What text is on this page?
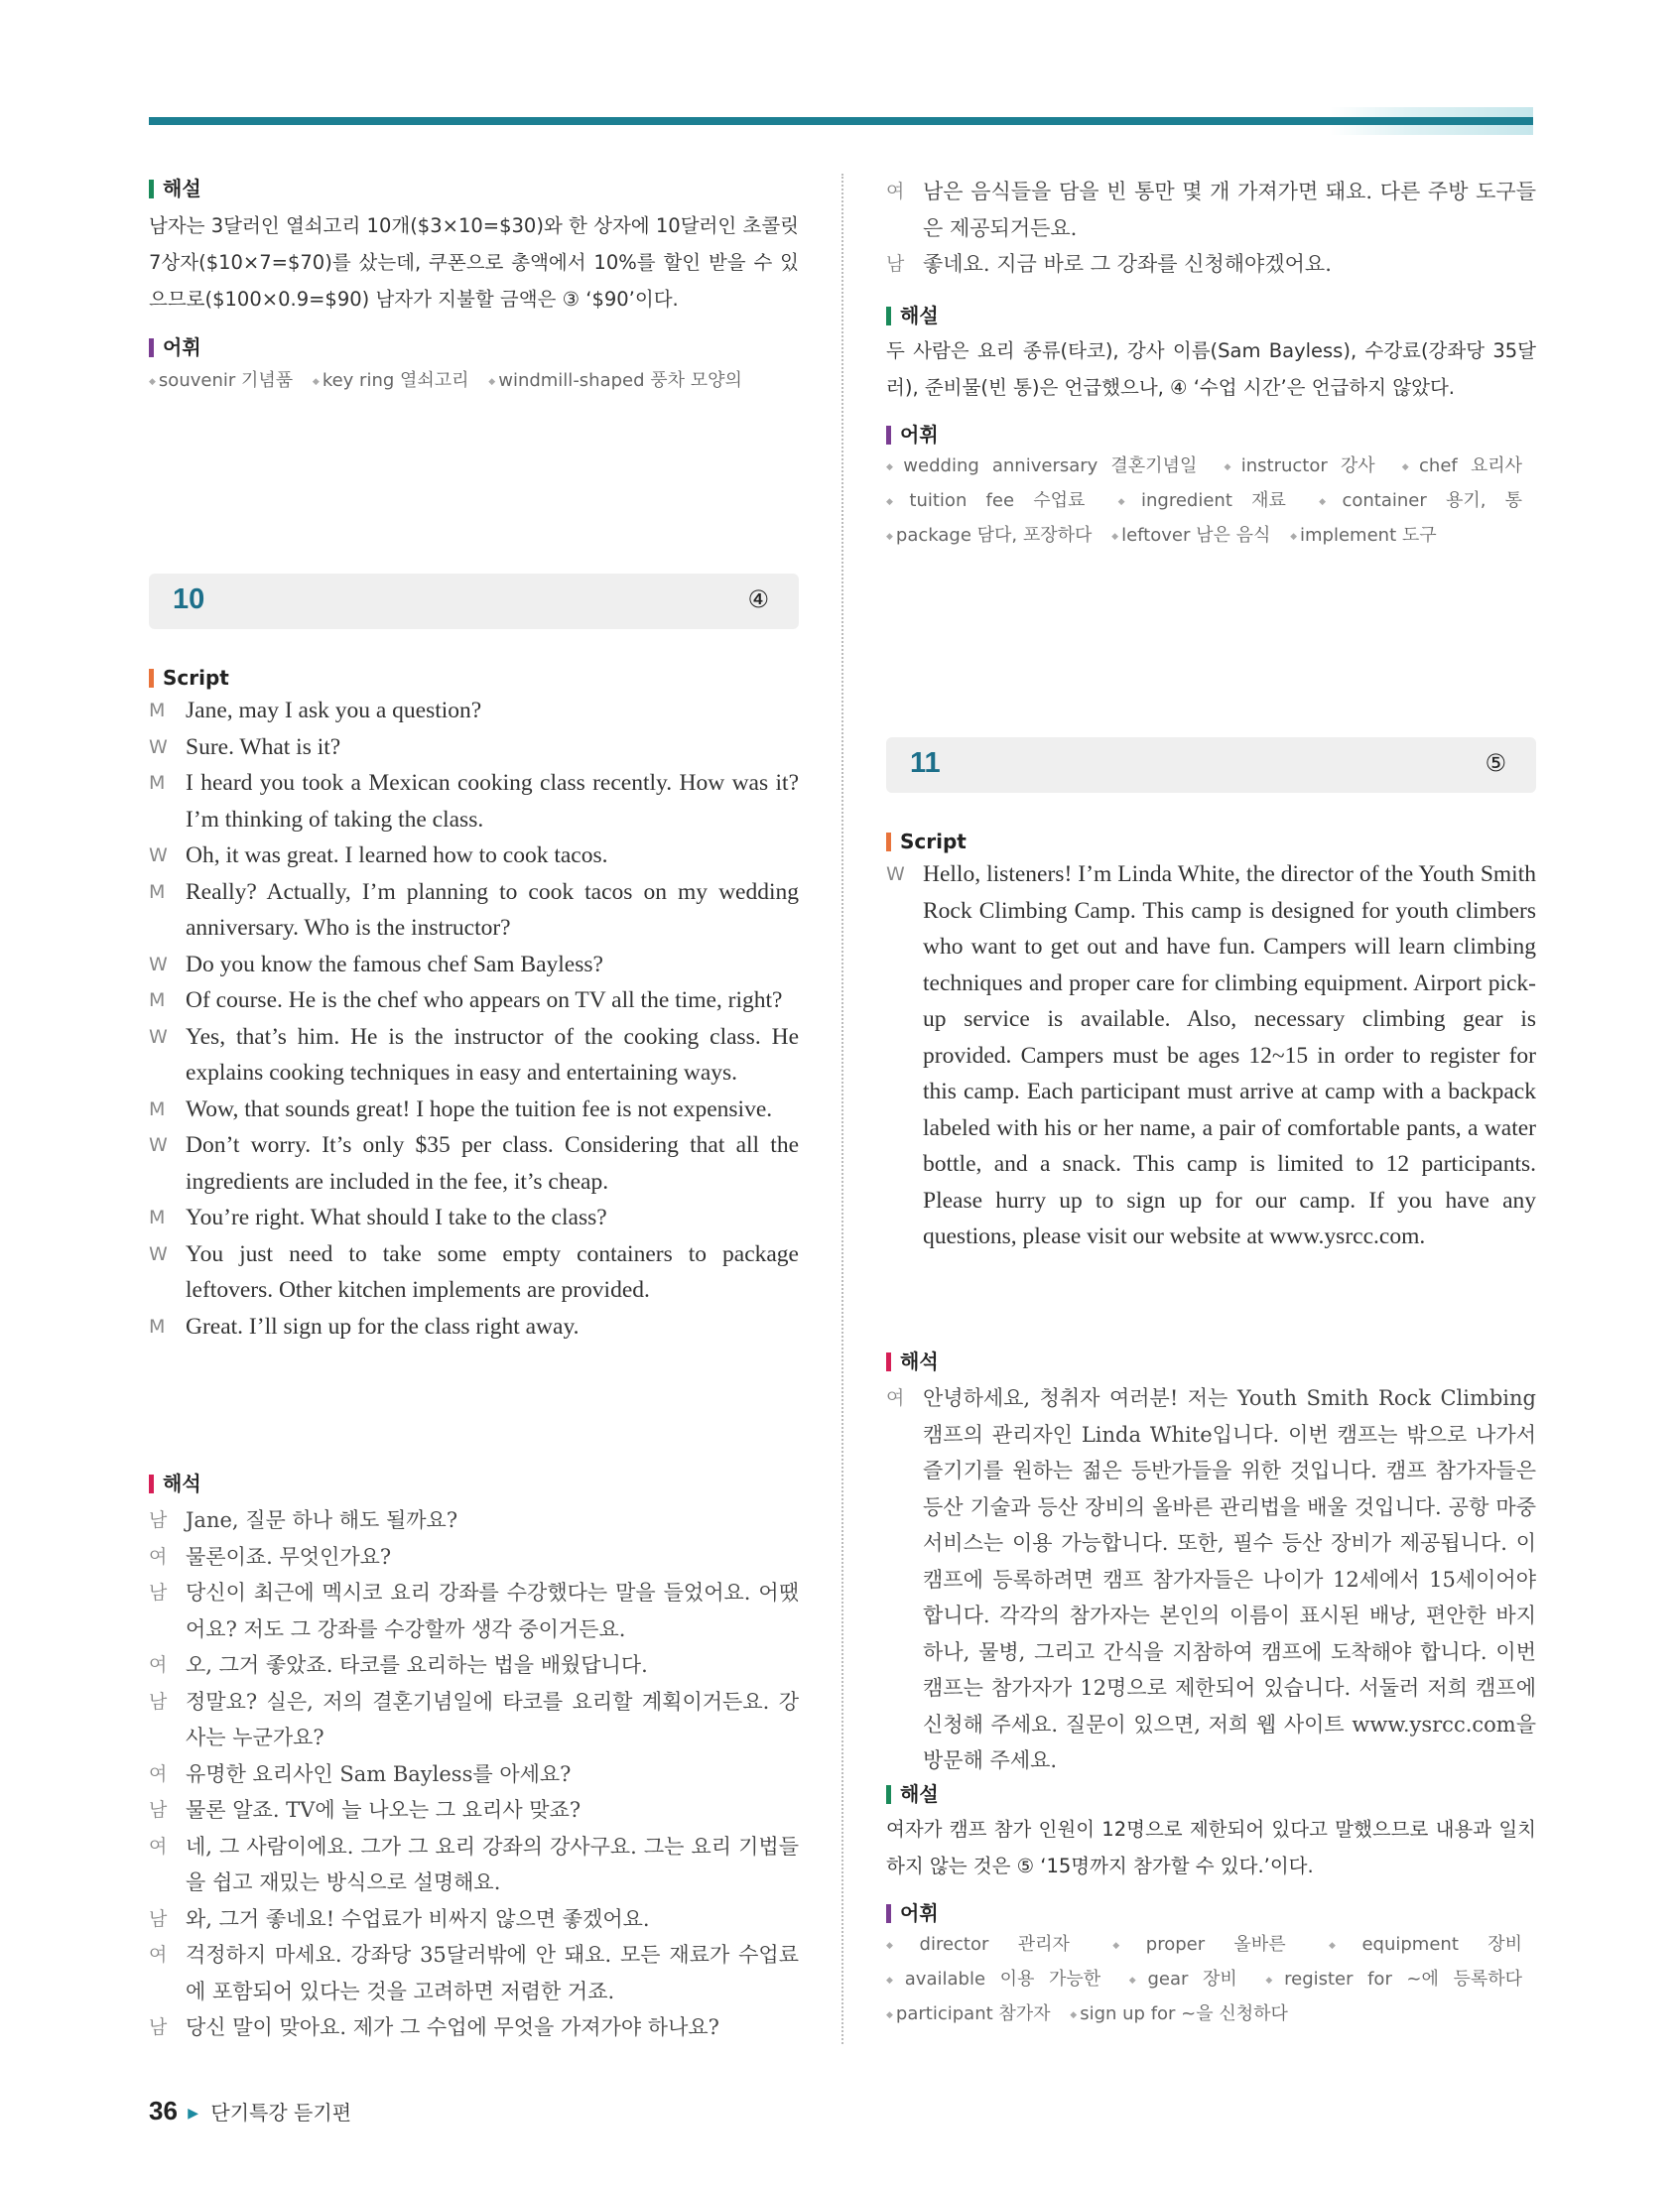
해설
남자는 3달러인 열쇠고리 10개($3×10=$30)와 한 상자에 10달러인 초콜릿 7상자($10×7=$70)를 샀는데, 쿠폰으로 총액에서 10%를 할인 받을 수 있으므로($100×0.9=$90) 남자가 지불할 금액은 ③ ‘$90’이다.
어휘
◆ souvenir 기념품 ◆ key ring 열쇠고리 ◆ windmill-shaped 풍차 모양의
10	④
Script
M Jane, may I ask you a question?
W Sure. What is it?
M I heard you took a Mexican cooking class recently. How was it? I’m thinking of taking the class.
W Oh, it was great. I learned how to cook tacos.
M Really? Actually, I’m planning to cook tacos on my wedding anniversary. Who is the instructor?
W Do you know the famous chef Sam Bayless?
M Of course. He is the chef who appears on TV all the time, right?
W Yes, that’s him. He is the instructor of the cooking class. He explains cooking techniques in easy and entertaining ways.
M Wow, that sounds great! I hope the tuition fee is not expensive.
W Don’t worry. It’s only $35 per class. Considering that all the ingredients are included in the fee, it’s cheap.
M You’re right. What should I take to the class?
W You just need to take some empty containers to package leftovers. Other kitchen implements are provided.
M Great. I’ll sign up for the class right away.
해석
남 Jane, 질문 하나 해도 될까요?
여 물론이죠. 무엇인가요?
남 당신이 최근에 멕시코 요리 강좌를 수강했다는 말을 들었어요. 어땠어요? 저도 그 강좌를 수강할까 생각 중이거든요.
여 오, 그거 좋았죠. 타코를 요리하는 법을 배웠답니다.
남 정말요? 실은, 저의 결혼기념일에 타코를 요리할 계획이거든요. 강사는 누군가요?
여 유명한 요리사인 Sam Bayless를 아세요?
남 물론 알죠. TV에 늘 나오는 그 요리사 맞죠?
여 네, 그 사람이에요. 그가 그 요리 강좌의 강사구요. 그는 요리 기법들을 쉽고 재밌는 방식으로 설명해요.
남 와, 그거 좋네요! 수업료가 비싸지 않으면 좋겠어요.
여 걱정하지 마세요. 강좌당 35달러밖에 안 돼요. 모든 재료가 수업료에 포함되어 있다는 것을 고려하면 저렴한 거죠.
남 당신 말이 맞아요. 제가 그 수업에 무엇을 가져가야 하나요?
여 남은 음식들을 담을 빈 통만 몇 개 가져가면 돼요. 다른 주방 도구들은 제공되거든요.
남 좋네요. 지금 바로 그 강좌를 신청해야겠어요.
해설
두 사람은 요리 종류(타코), 강사 이름(Sam Bayless), 수강료(강좌당 35달러), 준비물(빈 통)은 언급했으나, ④ ‘수업 시간’은 언급하지 않았다.
어휘
◆ wedding anniversary 결혼기념일 ◆ instructor 강사 ◆ chef 요리사 ◆ tuition fee 수업료	◆ ingredient 재료	◆ container 용기, 통 ◆ package 담다, 포장하다 ◆ leftover 남은 음식 ◆ implement 도구
11	⑤
Script
W Hello, listeners! I’m Linda White, the director of the Youth Smith Rock Climbing Camp. This camp is designed for youth climbers who want to get out and have fun. Campers will learn climbing techniques and proper care for climbing equipment. Airport pick-up service is available. Also, necessary climbing gear is provided. Campers must be ages 12~15 in order to register for this camp. Each participant must arrive at camp with a backpack labeled with his or her name, a pair of comfortable pants, a water bottle, and a snack. This camp is limited to 12 participants. Please hurry up to sign up for our camp. If you have any questions, please visit our website at www.ysrcc.com.
해석
여 안녕하세요, 청취자 여러분! 저는 Youth Smith Rock Climbing 캠프의 관리자인 Linda White입니다. 이번 캠프는 밖으로 나가서 즐기기를 원하는 젊은 등반가들을 위한 것입니다. 캠프 참가자들은 등산 기술과 등산 장비의 올바른 관리법을 배울 것입니다. 공항 마중 서비스는 이용 가능합니다. 또한, 필수 등산 장비가 제공됩니다. 이 캠프에 등록하려면 캠프 참가자들은 나이가 12세에서 15세이어야 합니다. 각각의 참가자는 본인의 이름이 표시된 배낭, 편안한 바지 하나, 물병, 그리고 간식을 지참하여 캠프에 도착해야 합니다. 이번 캠프는 참가자가 12명으로 제한되어 있습니다. 서둘러 저희 캠프에 신청해 주세요. 질문이 있으면, 저희 웹 사이트 www.ysrcc.com을 방문해 주세요.
해설
여자가 캠프 참가 인원이 12명으로 제한되어 있다고 말했으므로 내용과 일치하지 않는 것은 ⑤ ‘15명까지 참가할 수 있다.’이다.
어휘
◆ director 관리자	◆ proper 올바른	◆ equipment 장비 ◆ available 이용 가능한	◆ gear 장비	◆ register for ~에 등록하다 ◆ participant 참가자 ◆ sign up for ~을 신청하다
36 ▶ 단기특강 듣기편
